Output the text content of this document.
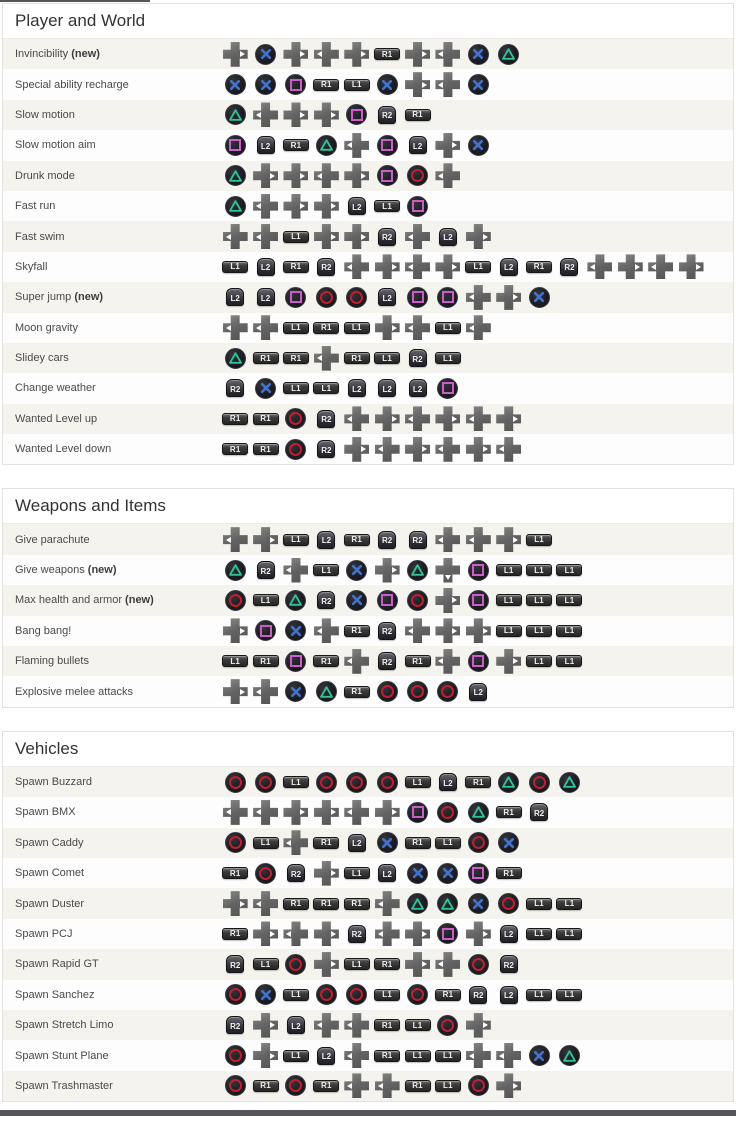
Player and World
Invincibility (new)	R1
Special ability recharge	R1	L1
Slow motion	R2	R1
Slow motion aim	L2	R1	L2
Drunk mode
Fast run	L2	L1
Fast swim	L1	R2	L2
Skyfall	L1	L2	R1	R2	L1	L2	R1	R2
Super jump (new)	L2	L2	L2
Moon gravity	L1	R1	L1	L1
Slidey cars	R1	R1	R1	L1	R2	L1
Change weather	R2	L1	L1	L2	L2	L2
Wanted Level up	R1	R1	R2
Wanted Level down	R1	R1	R2
Weapons and Items
Give parachute	L1	L2	R1	R2	R2	L1
Give weapons (new)	R2	L1	L1	L1	L1
Max health and armor (new)	L1	R2	L1	L1	L1
Bang bang!	R1	R2	L1	L1	L1
Flaming bullets	L1	R1	R1	R2	R1	L1	L1
Explosive melee attacks	R1	L2
Vehicles
Spawn Buzzard	L1	L1	L2	R1
Spawn BMX	R1	R2
Spawn Caddy	L1	R1	L2	R1	L1
Spawn Comet	R1	R2	L1	L2	R1
Spawn Duster	R1	R1	R1	L1	L1
Spawn PCJ	R1	R2	L2	L1	L1
Spawn Rapid GT	R2	L1	L1	R1	R2
Spawn Sanchez	L1	L1	R1	R2	L2	L1	L1
Spawn Stretch Limo	R2	L2	R1	L1
Spawn Stunt Plane	L1	L2	R1	L1	L1
Spawn Trashmaster	R1	R1	R1	L1
